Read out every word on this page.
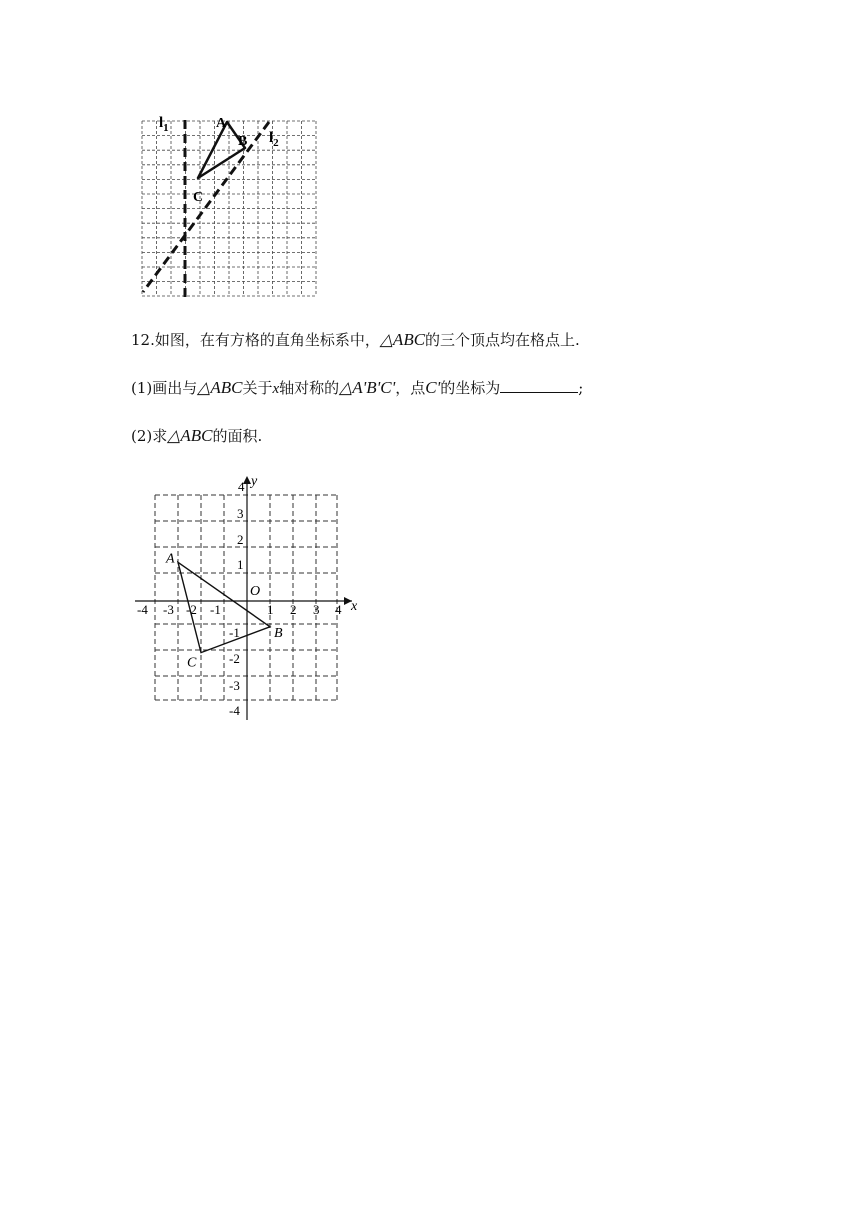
$l_1$
$l_2$
A
B
C
12.如图，在有方格的直角坐标系中，△ABC的三个顶点均在格点上.
(1)画出与△ABC关于x轴对称的△A'B'C'，点C'的坐标为	;
(2)求△ABC的面积.
x
y
O
-4 -3 -2 -1	1 2 3 4
4
3
2
1
-1
-2
-3
-4
A
B
C
